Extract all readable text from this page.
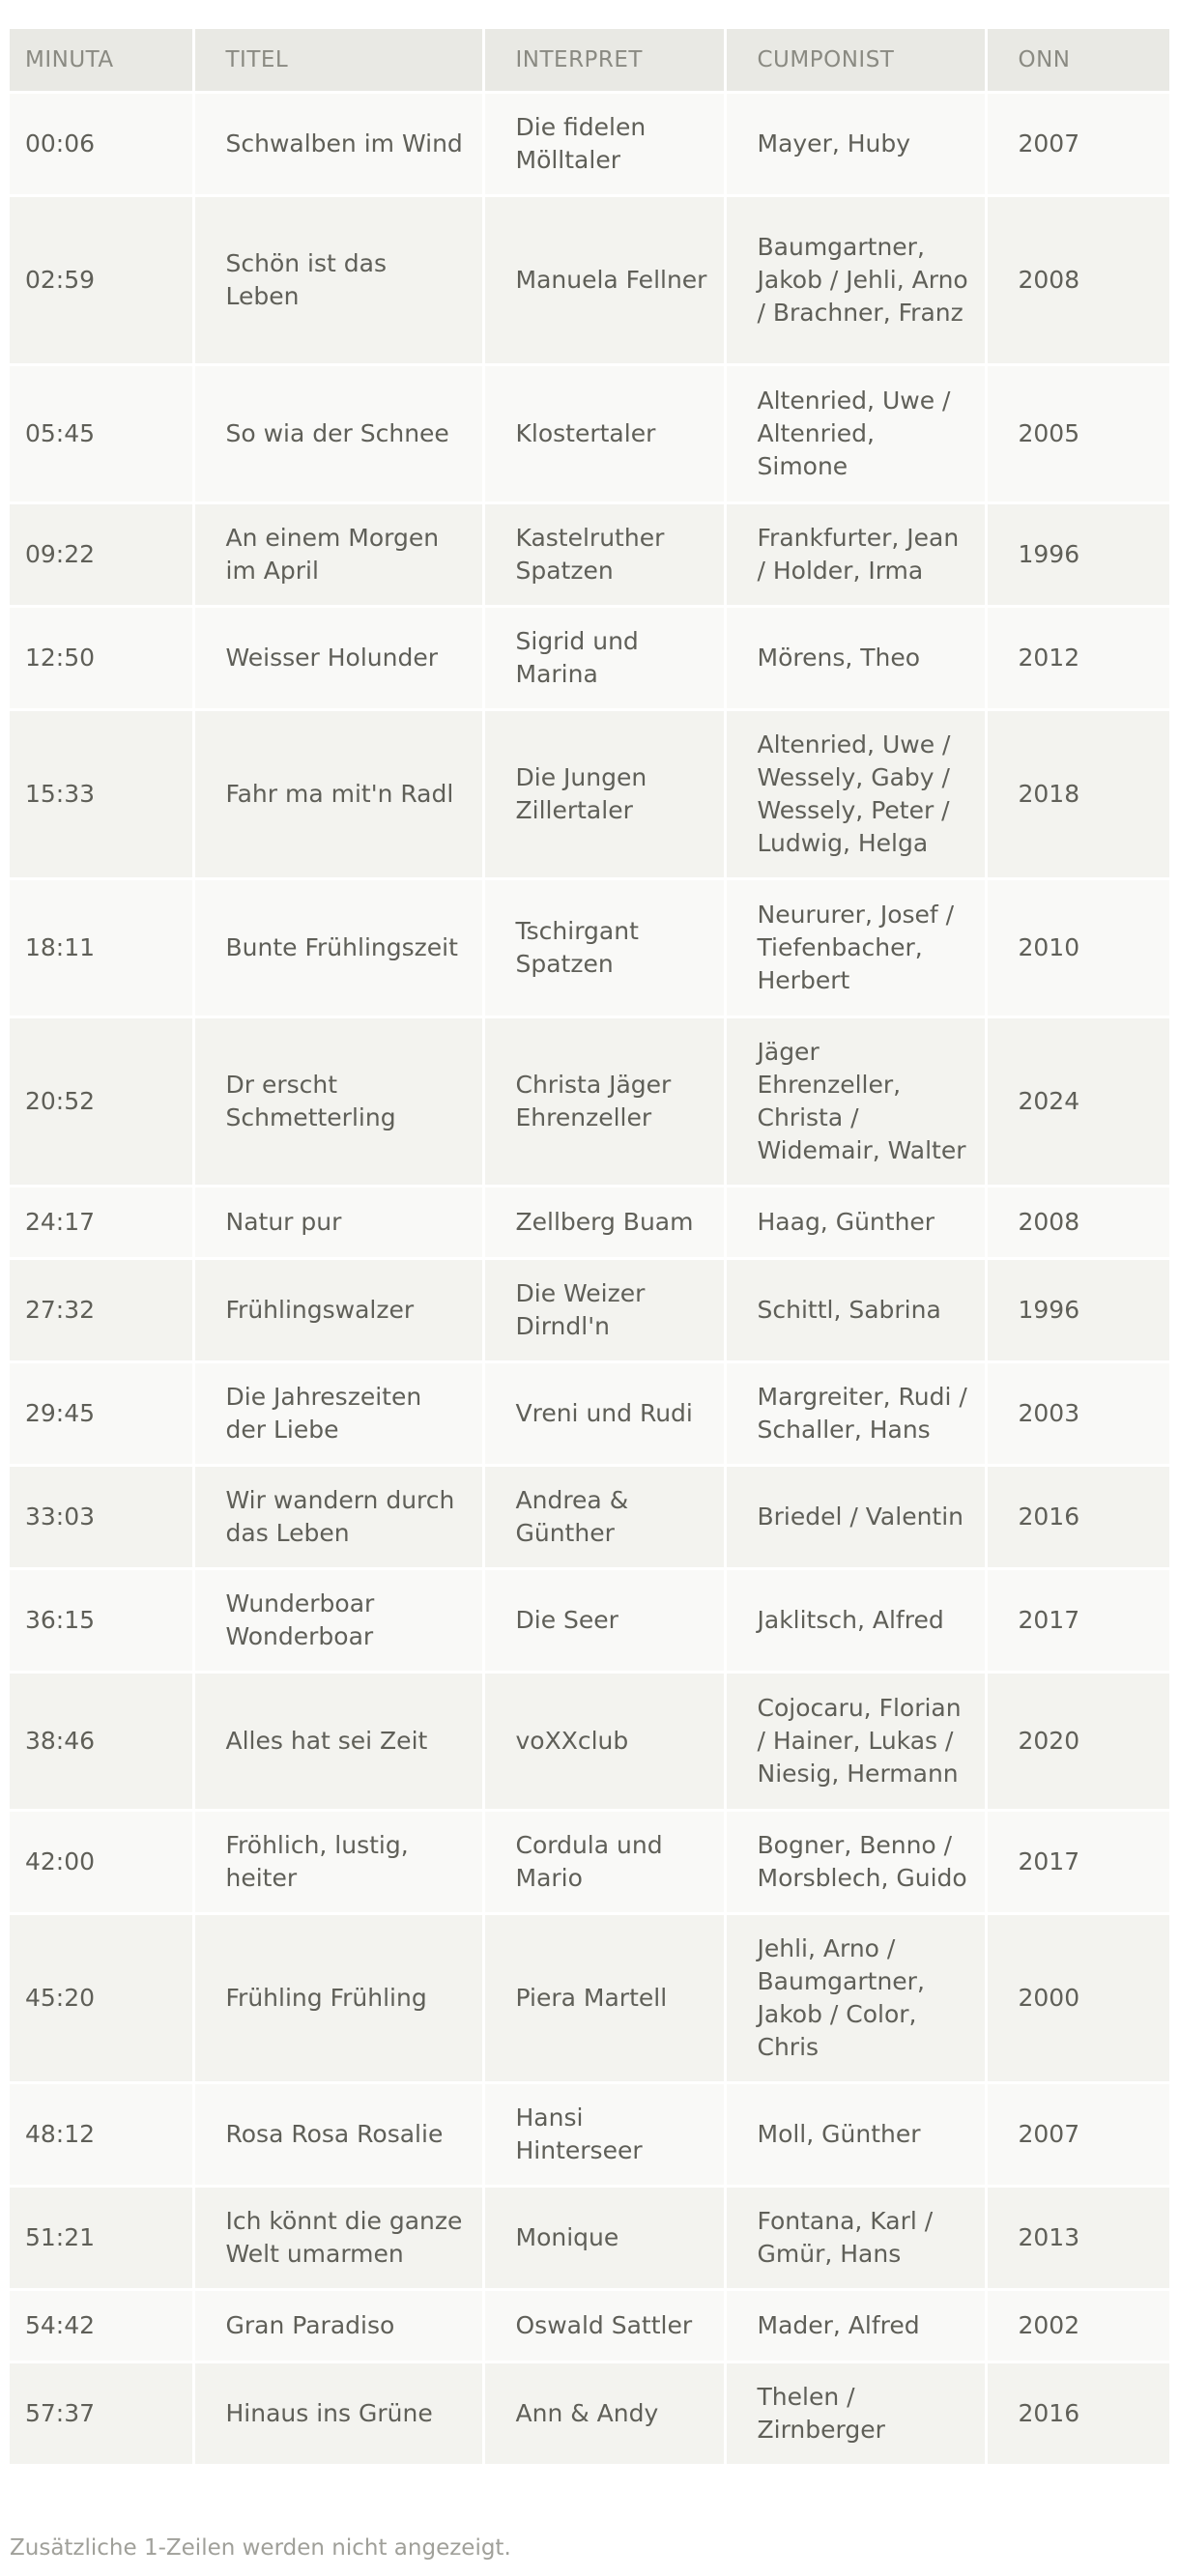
MINUTA	TITEL	INTERPRET	CUMPONIST	ONN
00:06	Schwalben im Wind	Die fidelen Mölltaler	Mayer, Huby	2007
02:59	Schön ist das Leben	Manuela Fellner	Baumgartner, Jakob / Jehli, Arno / Brachner, Franz	2008
05:45	So wia der Schnee	Klostertaler	Altenried, Uwe / Altenried, Simone	2005
09:22	An einem Morgen im April	Kastelruther Spatzen	Frankfurter, Jean / Holder, Irma	1996
12:50	Weisser Holunder	Sigrid und Marina	Mörens, Theo	2012
15:33	Fahr ma mit'n Radl	Die Jungen Zillertaler	Altenried, Uwe / Wessely, Gaby / Wessely, Peter / Ludwig, Helga	2018
18:11	Bunte Frühlingszeit	Tschirgant Spatzen	Neururer, Josef / Tiefenbacher, Herbert	2010
20:52	Dr erscht Schmetterling	Christa Jäger Ehrenzeller	Jäger Ehrenzeller, Christa / Widemair, Walter	2024
24:17	Natur pur	Zellberg Buam	Haag, Günther	2008
27:32	Frühlingswalzer	Die Weizer Dirndl'n	Schittl, Sabrina	1996
29:45	Die Jahreszeiten der Liebe	Vreni und Rudi	Margreiter, Rudi / Schaller, Hans	2003
33:03	Wir wandern durch das Leben	Andrea & Günther	Briedel / Valentin	2016
36:15	Wunderboar Wonderboar	Die Seer	Jaklitsch, Alfred	2017
38:46	Alles hat sei Zeit	voXXclub	Cojocaru, Florian / Hainer, Lukas / Niesig, Hermann	2020
42:00	Fröhlich, lustig, heiter	Cordula und Mario	Bogner, Benno / Morsblech, Guido	2017
45:20	Frühling Frühling	Piera Martell	Jehli, Arno / Baumgartner, Jakob / Color, Chris	2000
48:12	Rosa Rosa Rosalie	Hansi Hinterseer	Moll, Günther	2007
51:21	Ich könnt die ganze Welt umarmen	Monique	Fontana, Karl / Gmür, Hans	2013
54:42	Gran Paradiso	Oswald Sattler	Mader, Alfred	2002
57:37	Hinaus ins Grüne	Ann & Andy	Thelen / Zirnberger	2016
Zusätzliche 1-Zeilen werden nicht angezeigt.
